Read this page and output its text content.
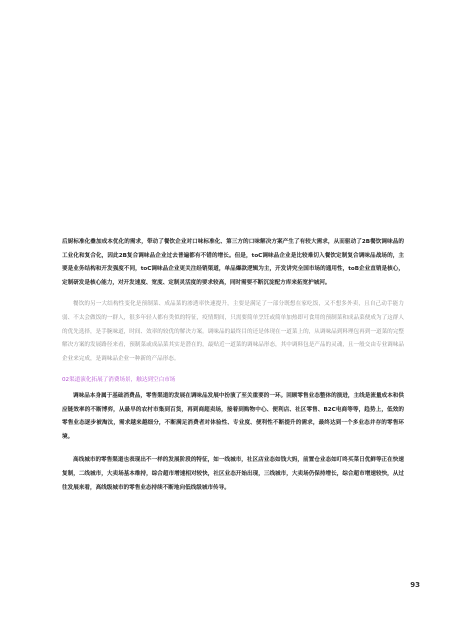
后厨标准化叠加成本优化的需求，带动了餐饮企业对口味标准化、第三方的口味解决方案产生了有较大需求，从而驱动了2B餐饮调味品的工业化和复合化，因此2B复合调味品企业过去普遍都有不错的增长。但是，toC调味品企业是比较难切入餐饮定制复合调味品战场的，主要是业务结构和开发强度不同，toC调味品企业更关注经销渠道，单品爆款逻辑为主，开发讲究全国市场的通用性，toB企业直销是核心，定制研发是核心能力，对开发速度、宽度、定制灵活度的要求较高，同时需要不断沉淀配方库来拓宽护城河。

餐饮的另一大结构性变化是预制菜、成品菜的渗透率快速提升，主要是满足了一部分既想在家吃饭，又不想多外卖，且自己动手能力弱、不太会做饭的一群人，很多年轻人都有类似的特征，疫情期间，只需要简单烹饪或简单加热即可食用的预制菜和成品菜便成为了这群人的优先选择，是手腕味道，时间、效率的较优的解决方案。调味品的最终目的还是体现在一道菜上的，从调味品到料理包再到一道菜的完整解决方案的发展路径来看，预制菜或成品菜其实是潜在的，最贴近一道菜的调味品形态，其中调料包是产品的灵魂，且一般交由专业调味品企业来完成，是调味品企业一种新的产品形态。

02渠道演化拓展了消费场景，触达到空白市场

调味品本身属于基础消费品，零售渠道的发展在调味品发展中扮演了至关重要的一环。回顾零售业态整体的演进，主线是流量成本和供应链效率的不断博弈，从最早的农村市集到百货，再到商超卖场，接着到购物中心、便利店、社区零售、B2C电商等等，趋势上，低效的零售业态逐步被淘汰，需求越来越细分，不断满足消费者对体验性、专业度、便利性不断提升的需求，最终达到一个多业态并存的零售环境。

高线城市的零售渠道也表现出不一样的发展阶段的特征，如一线城市，社区店业态如钱大妈，前置仓业态如叮咚买菜日优鲜等正在快速复制，二线城市，大卖场基本维持，综合超市增速相对较快，社区业态开始出现，三线城市，大卖场仍保持增长，综合超市增速较快，从过往发展来看，高线级城市的零售业态持续不断地向低线级城市传导。

93
